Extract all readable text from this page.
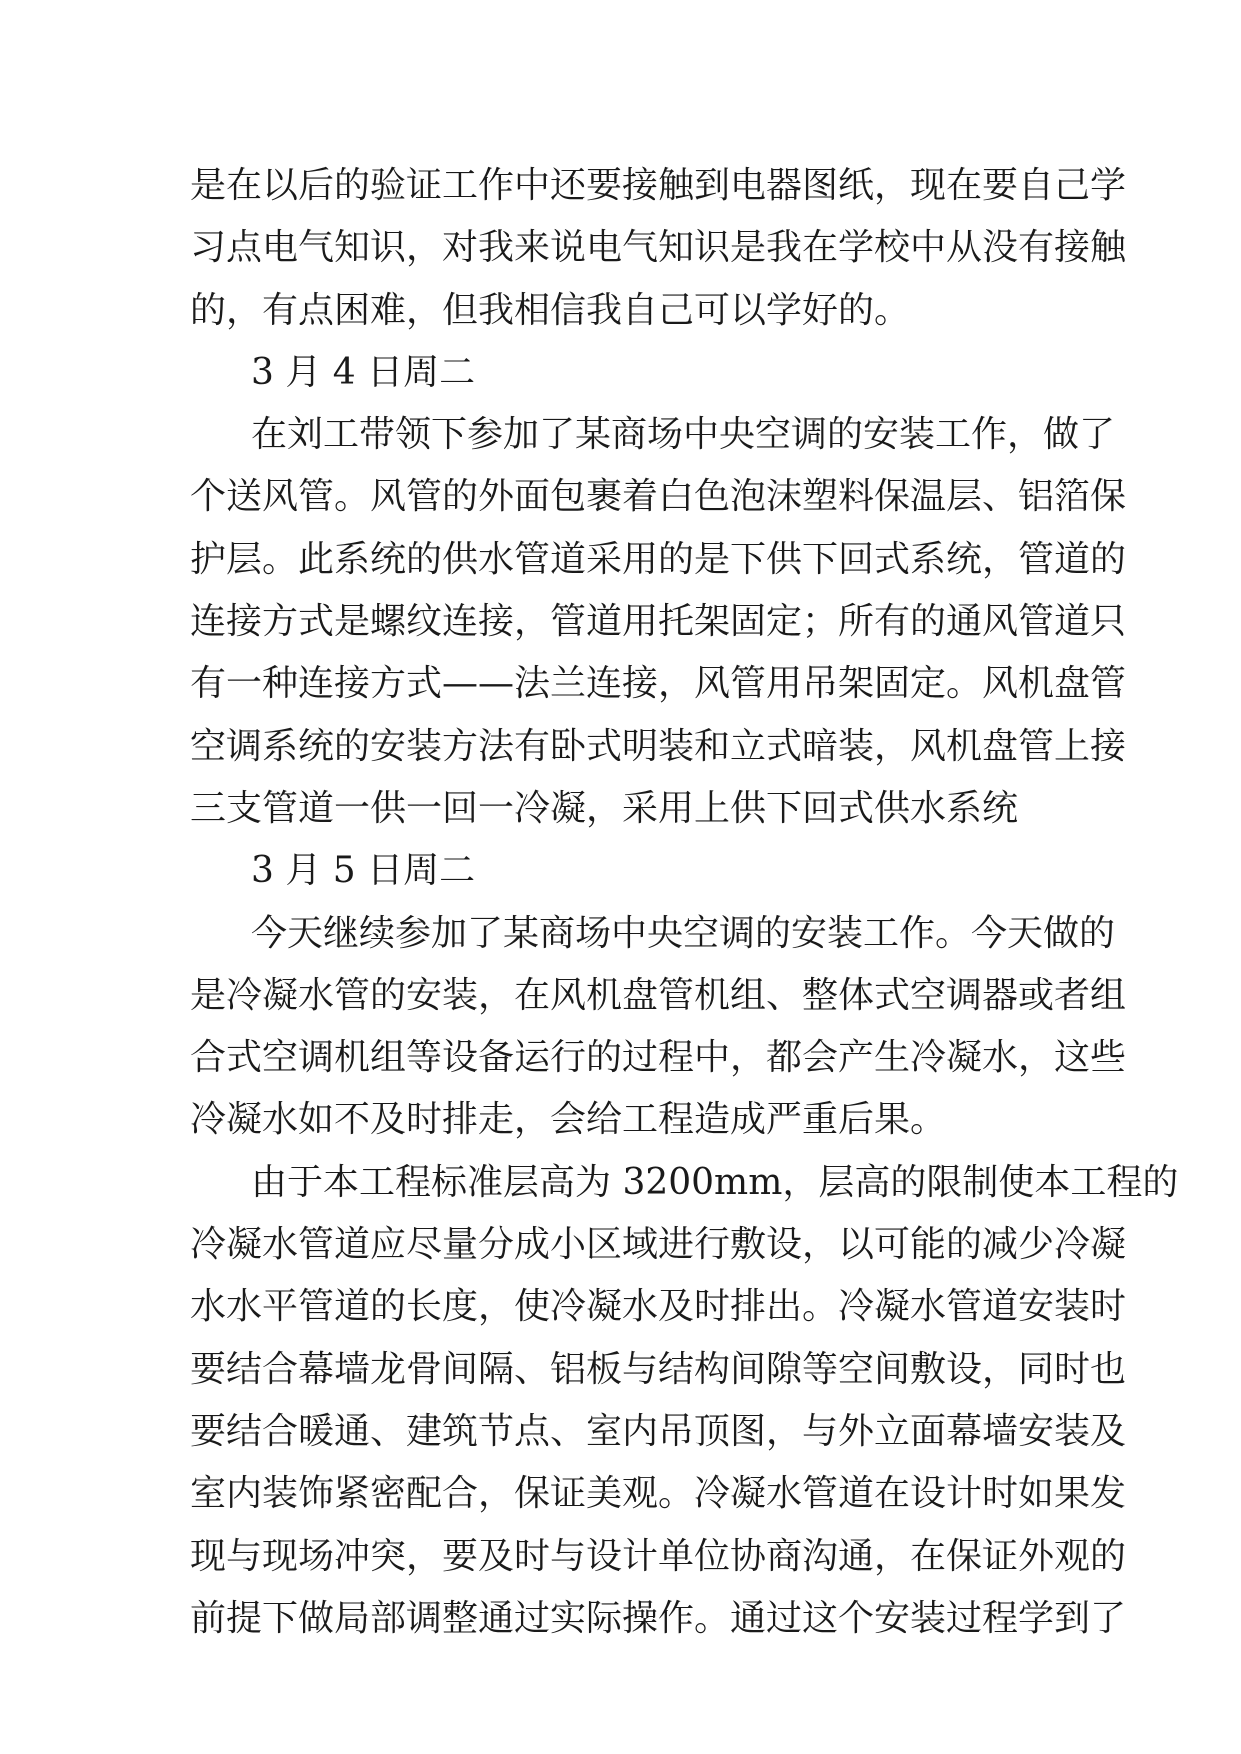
是在以后的验证工作中还要接触到电器图纸，现在要自己学
习点电气知识，对我来说电气知识是我在学校中从没有接触
的，有点困难，但我相信我自己可以学好的。
3 月 4 日周二
在刘工带领下参加了某商场中央空调的安装工作，做了
个送风管。风管的外面包裹着白色泡沫塑料保温层、铝箔保
护层。此系统的供水管道采用的是下供下回式系统，管道的
连接方式是螺纹连接，管道用托架固定；所有的通风管道只
有一种连接方式——法兰连接，风管用吊架固定。风机盘管
空调系统的安装方法有卧式明装和立式暗装，风机盘管上接
三支管道一供一回一冷凝，采用上供下回式供水系统
3 月 5 日周二
今天继续参加了某商场中央空调的安装工作。今天做的
是冷凝水管的安装，在风机盘管机组、整体式空调器或者组
合式空调机组等设备运行的过程中，都会产生冷凝水，这些
冷凝水如不及时排走，会给工程造成严重后果。
由于本工程标准层高为 3200mm，层高的限制使本工程的
冷凝水管道应尽量分成小区域进行敷设，以可能的减少冷凝
水水平管道的长度，使冷凝水及时排出。冷凝水管道安装时
要结合幕墙龙骨间隔、铝板与结构间隙等空间敷设，同时也
要结合暖通、建筑节点、室内吊顶图，与外立面幕墙安装及
室内装饰紧密配合，保证美观。冷凝水管道在设计时如果发
现与现场冲突，要及时与设计单位协商沟通，在保证外观的
前提下做局部调整通过实际操作。通过这个安装过程学到了
